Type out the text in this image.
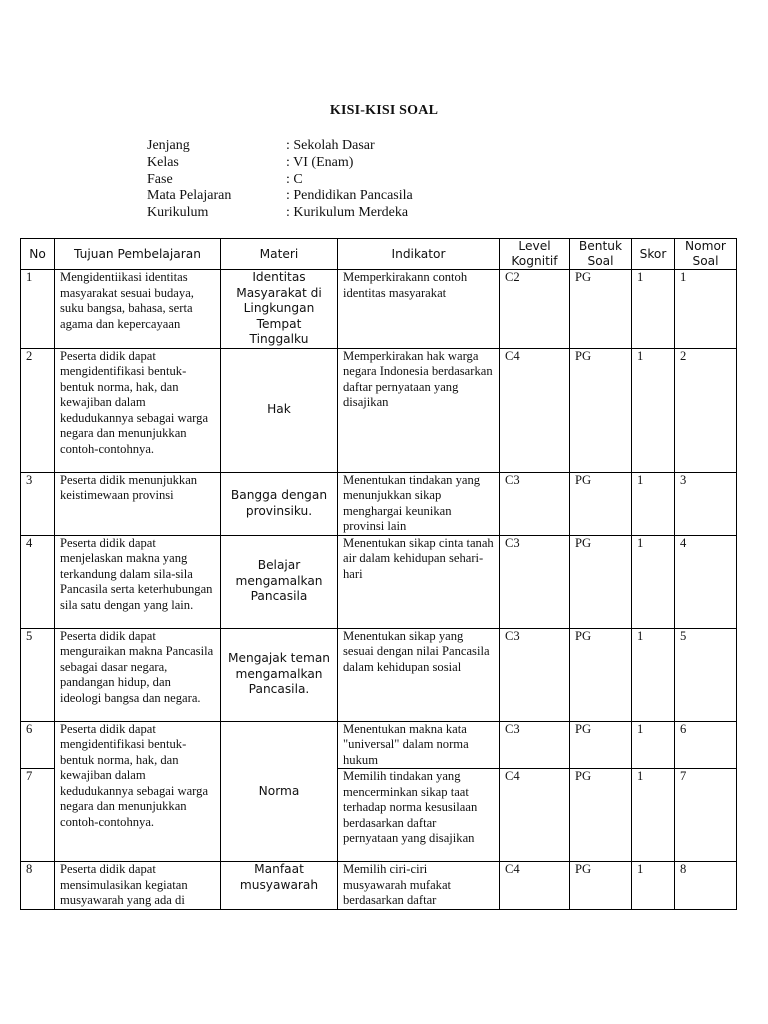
KISI-KISI SOAL
Jenjang	: Sekolah Dasar
Kelas	: VI (Enam)
Fase	: C
Mata Pelajaran	: Pendidikan Pancasila
Kurikulum	: Kurikulum Merdeka
No	Tujuan Pembelajaran	Materi	Indikator	Level Kognitif	Bentuk Soal	Skor	Nomor Soal
1	Mengidentiikasi identitas masyarakat sesuai budaya, suku bangsa, bahasa, serta agama dan kepercayaan	Identitas Masyarakat di Lingkungan Tempat Tinggalku	Memperkirakann contoh identitas masyarakat	C2	PG	1	1
2	Peserta didik dapat mengidentifikasi bentuk-bentuk norma, hak, dan kewajiban dalam kedudukannya sebagai warga negara dan menunjukkan contoh-contohnya.	Hak	Memperkirakan hak warga negara Indonesia berdasarkan daftar pernyataan yang disajikan	C4	PG	1	2
3	Peserta didik menunjukkan keistimewaan provinsi	Bangga dengan provinsiku.	Menentukan tindakan yang menunjukkan sikap menghargai keunikan provinsi lain	C3	PG	1	3
4	Peserta didik dapat menjelaskan makna yang terkandung dalam sila-sila Pancasila serta keterhubungan sila satu dengan yang lain.	Belajar mengamalkan Pancasila	Menentukan sikap cinta tanah air dalam kehidupan sehari-hari	C3	PG	1	4
5	Peserta didik dapat menguraikan makna Pancasila sebagai dasar negara, pandangan hidup, dan ideologi bangsa dan negara.	Mengajak teman mengamalkan Pancasila.	Menentukan sikap yang sesuai dengan nilai Pancasila dalam kehidupan sosial	C3	PG	1	5
6	Peserta didik dapat mengidentifikasi bentuk-bentuk norma, hak, dan kewajiban dalam kedudukannya sebagai warga negara dan menunjukkan contoh-contohnya.	Norma	Menentukan makna kata "universal" dalam norma hukum	C3	PG	1	6
7			Memilih tindakan yang mencerminkan sikap taat terhadap norma kesusilaan berdasarkan daftar pernyataan yang disajikan	C4	PG	1	7
8	Peserta didik dapat mensimulasikan kegiatan musyawarah yang ada di	Manfaat musyawarah	Memilih ciri-ciri musyawarah mufakat berdasarkan daftar	C4	PG	1	8
